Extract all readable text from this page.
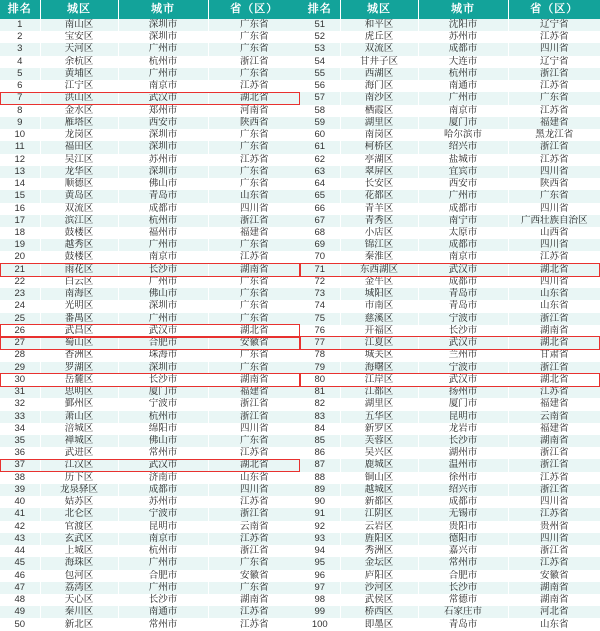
排名	城区	城市	省（区）
1	南山区	深圳市	广东省
2	宝安区	深圳市	广东省
3	天河区	广州市	广东省
4	余杭区	杭州市	浙江省
5	黄埔区	广州市	广东省
6	江宁区	南京市	江苏省
7	洪山区	武汉市	湖北省
8	金水区	郑州市	河南省
9	雁塔区	西安市	陕西省
10	龙岗区	深圳市	广东省
11	福田区	深圳市	广东省
12	吴江区	苏州市	江苏省
13	龙华区	深圳市	广东省
14	顺德区	佛山市	广东省
15	黄岛区	青岛市	山东省
16	双流区	成都市	四川省
17	滨江区	杭州市	浙江省
18	鼓楼区	福州市	福建省
19	越秀区	广州市	广东省
20	鼓楼区	南京市	江苏省
21	雨花区	长沙市	湖南省
22	白云区	广州市	广东省
23	南海区	佛山市	广东省
24	光明区	深圳市	广东省
25	番禺区	广州市	广东省
26	武昌区	武汉市	湖北省
27	蜀山区	合肥市	安徽省
28	香洲区	珠海市	广东省
29	罗湖区	深圳市	广东省
30	岳麓区	长沙市	湖南省
31	思明区	厦门市	福建省
32	鄞州区	宁波市	浙江省
33	萧山区	杭州市	浙江省
34	涪城区	绵阳市	四川省
35	禅城区	佛山市	广东省
36	武进区	常州市	江苏省
37	江汉区	武汉市	湖北省
38	历下区	济南市	山东省
39	龙泉驿区	成都市	四川省
40	姑苏区	苏州市	江苏省
41	北仑区	宁波市	浙江省
42	官渡区	昆明市	云南省
43	玄武区	南京市	江苏省
44	上城区	杭州市	浙江省
45	海珠区	广州市	广东省
46	包河区	合肥市	安徽省
47	荔湾区	广州市	广东省
48	天心区	长沙市	湖南省
49	秦川区	南通市	江苏省
50	新北区	常州市	江苏省
排名	城区	城市	省（区）
51	和平区	沈阳市	辽宁省
52	虎丘区	苏州市	江苏省
53	双流区	成都市	四川省
54	甘井子区	大连市	辽宁省
55	西湖区	杭州市	浙江省
56	海门区	南通市	江苏省
57	南沙区	广州市	广东省
58	栖霞区	南京市	江苏省
59	湖里区	厦门市	福建省
60	南岗区	哈尔滨市	黑龙江省
61	柯桥区	绍兴市	浙江省
62	亭湖区	盐城市	江苏省
63	翠屏区	宜宾市	四川省
64	长安区	西安市	陕西省
65	花都区	广州市	广东省
66	青羊区	成都市	四川省
67	青秀区	南宁市	广西壮族自治区
68	小店区	太原市	山西省
69	锦江区	成都市	四川省
70	秦淮区	南京市	江苏省
71	东西湖区	武汉市	湖北省
72	金牛区	成都市	四川省
73	城阳区	青岛市	山东省
74	市南区	青岛市	山东省
75	慈溪区	宁波市	浙江省
76	开福区	长沙市	湖南省
77	江夏区	武汉市	湖北省
78	城关区	兰州市	甘肃省
79	海曙区	宁波市	浙江省
80	江岸区	武汉市	湖北省
81	江都区	扬州市	江苏省
82	湖里区	厦门市	福建省
83	五华区	昆明市	云南省
84	新罗区	龙岩市	福建省
85	芙蓉区	长沙市	湖南省
86	吴兴区	湖州市	浙江省
87	鹿城区	温州市	浙江省
88	铜山区	徐州市	江苏省
89	越城区	绍兴市	浙江省
90	新都区	成都市	四川省
91	江阴区	无锡市	江苏省
92	云岩区	贵阳市	贵州省
93	旌阳区	德阳市	四川省
94	秀洲区	嘉兴市	浙江省
95	金坛区	常州市	江苏省
96	庐阳区	合肥市	安徽省
97	沙河区	长沙市	湖南省
98	武侯区	常德市	湖南省
99	桥西区	石家庄市	河北省
100	即墨区	青岛市	山东省
